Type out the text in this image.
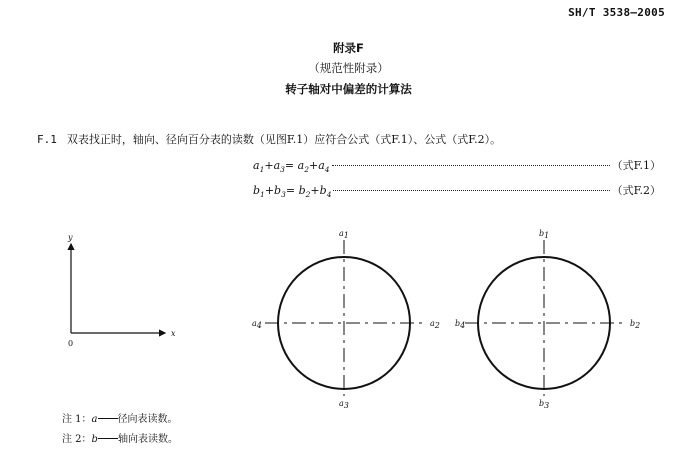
SH/T 3538—2005
附录F
（规范性附录）
转子轴对中偏差的计算法
F.1 双表找正时，轴向、径向百分表的读数（见图F.1）应符合公式（式F.1）、公式（式F.2）。
$a_1+a_3= a_2+a_4$	（式F.1）
$b_1+b_3= b_2+b_4$	（式F.2）
y
x
0
a1
a2
a3
a4
b1
b2
b3
b4
注 1：a 径向表读数。
注 2：b 轴向表读数。
